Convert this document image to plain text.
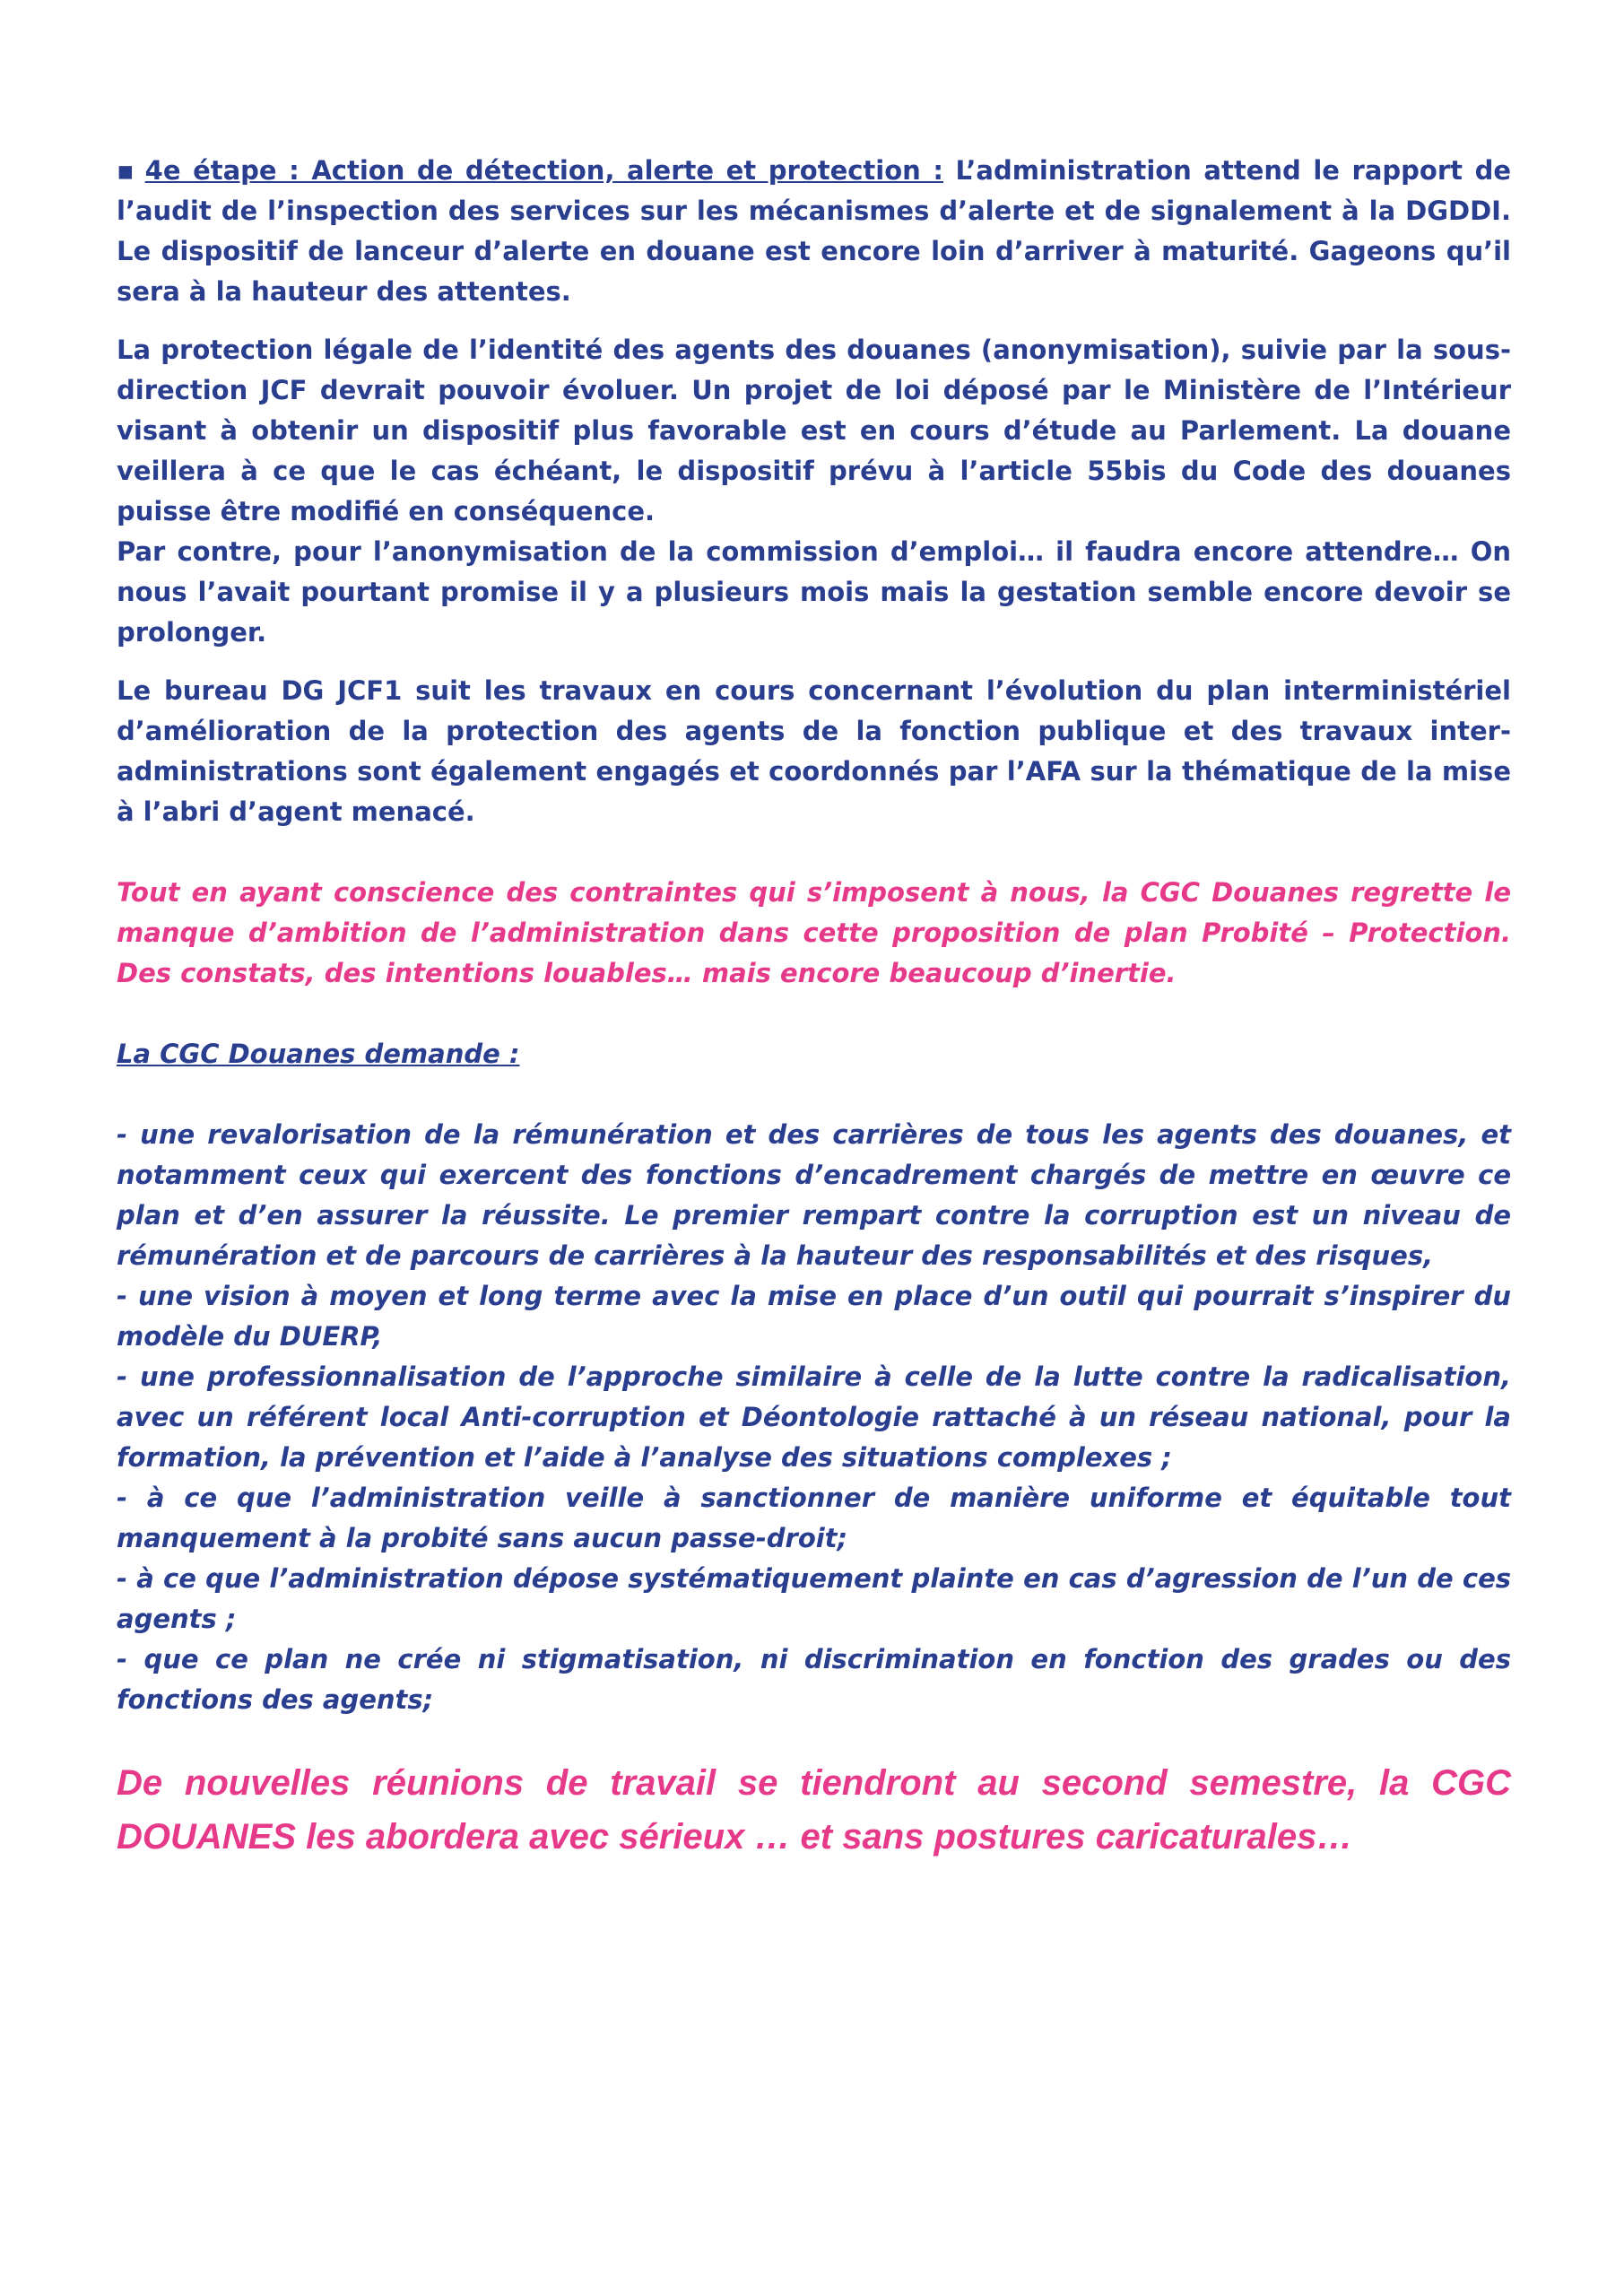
▪ 4e étape : Action de détection, alerte et protection : L’administration attend le rapport de l’audit de l’inspection des services sur les mécanismes d’alerte et de signalement à la DGDDI. Le dispositif de lanceur d’alerte en douane est encore loin d’arriver à maturité. Gageons qu’il sera à la hauteur des attentes.

La protection légale de l’identité des agents des douanes (anonymisation), suivie par la sous-direction JCF devrait pouvoir évoluer. Un projet de loi déposé par le Ministère de l’Intérieur visant à obtenir un dispositif plus favorable est en cours d’étude au Parlement. La douane veillera à ce que le cas échéant, le dispositif prévu à l’article 55bis du Code des douanes puisse être modifié en conséquence.

Par contre, pour l’anonymisation de la commission d’emploi… il faudra encore attendre… On nous l’avait pourtant promise il y a plusieurs mois mais la gestation semble encore devoir se prolonger.

Le bureau DG JCF1 suit les travaux en cours concernant l’évolution du plan interministériel d’amélioration de la protection des agents de la fonction publique et des travaux inter-administrations sont également engagés et coordonnés par l’AFA sur la thématique de la mise à l’abri d’agent menacé.

Tout en ayant conscience des contraintes qui s’imposent à nous, la CGC Douanes regrette le manque d’ambition de l’administration dans cette proposition de plan Probité – Protection. Des constats, des intentions louables… mais encore beaucoup d’inertie.

La CGC Douanes demande :

- une revalorisation de la rémunération et des carrières de tous les agents des douanes, et notamment ceux qui exercent des fonctions d’encadrement chargés de mettre en œuvre ce plan et d’en assurer la réussite. Le premier rempart contre la corruption est un niveau de rémunération et de parcours de carrières à la hauteur des responsabilités et des risques,

- une vision à moyen et long terme avec la mise en place d’un outil qui pourrait s’inspirer du modèle du DUERP,

- une professionnalisation de l’approche similaire à celle de la lutte contre la radicalisation, avec un référent local Anti-corruption et Déontologie rattaché à un réseau national, pour la formation, la prévention et l’aide à l’analyse des situations complexes ;

- à ce que l’administration veille à sanctionner de manière uniforme et équitable tout manquement à la probité sans aucun passe-droit;

- à ce que l’administration dépose systématiquement plainte en cas d’agression de l’un de ces agents ;

- que ce plan ne crée ni stigmatisation, ni discrimination en fonction des grades ou des fonctions des agents;

De nouvelles réunions de travail se tiendront au second semestre, la CGC DOUANES les abordera avec sérieux … et sans postures caricaturales…
